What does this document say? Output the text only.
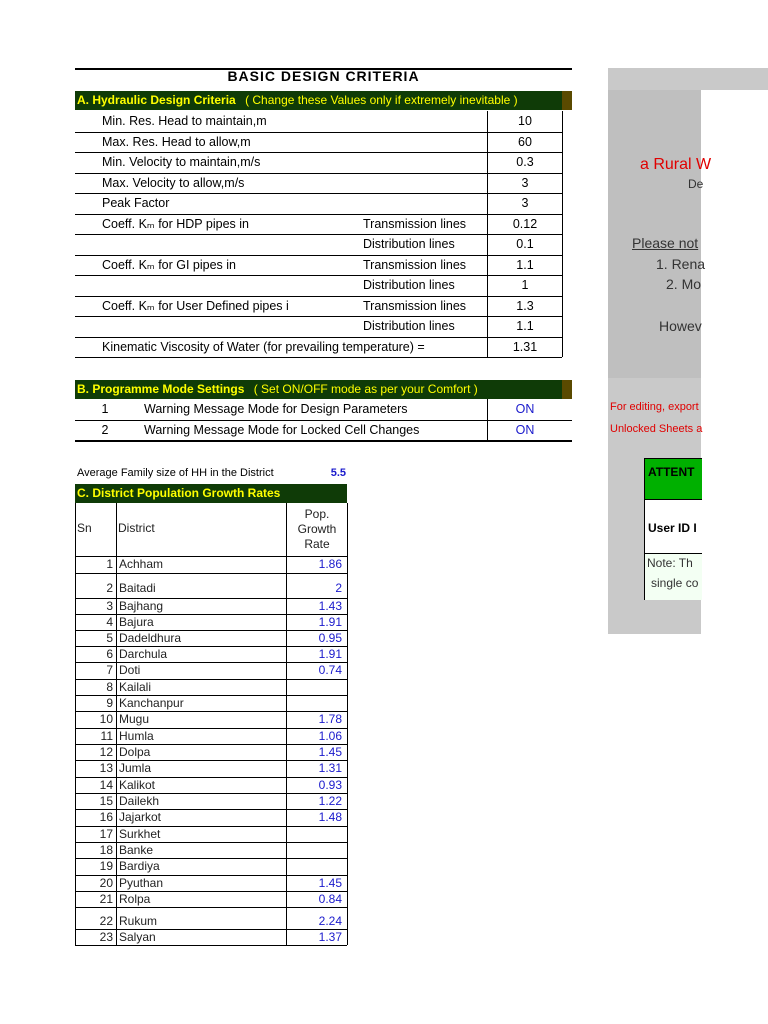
BASIC DESIGN CRITERIA
A. Hydraulic Design Criteria ( Change these Values only if extremely inevitable )
Min. Res. Head to maintain,m	10
Max. Res. Head to allow,m	60
Min. Velocity to maintain,m/s	0.3
Max. Velocity to allow,m/s	3
Peak Factor	3
Coeff. Kₘ for HDP pipes in	Transmission lines	0.12
Distribution lines	0.1
Coeff. Kₘ for GI pipes in	Transmission lines	1.1
Distribution lines	1
Coeff. Kₘ for User Defined pipes i	Transmission lines	1.3
Distribution lines	1.1
Kinematic Viscosity of Water (for prevailing temperature) =	1.31
B. Programme Mode Settings ( Set ON/OFF mode as per your Comfort )
1	Warning Message Mode for Design Parameters	ON
2	Warning Message Mode for Locked Cell Changes	ON
Average Family size of HH in the District	5.5
C. District Population Growth Rates
Sn	District
Pop.
Growth
Rate
1 Achham	1.86
2 Baitadi	2
3 Bajhang	1.43
4 Bajura	1.91
5 Dadeldhura	0.95
6 Darchula	1.91
7 Doti	0.74
8 Kailali
9 Kanchanpur
10 Mugu	1.78
11 Humla	1.06
12 Dolpa	1.45
13 Jumla	1.31
14 Kalikot	0.93
15 Dailekh	1.22
16 Jajarkot	1.48
17 Surkhet
18 Banke
19 Bardiya
20 Pyuthan	1.45
21 Rolpa	0.84
22 Rukum	2.24
23 Salyan	1.37
a Rural W
De
Please not
1. Rena
2. Mo
Howev
For editing, export
Unlocked Sheets a
ATTENT
User ID I
Note: Th
single co
